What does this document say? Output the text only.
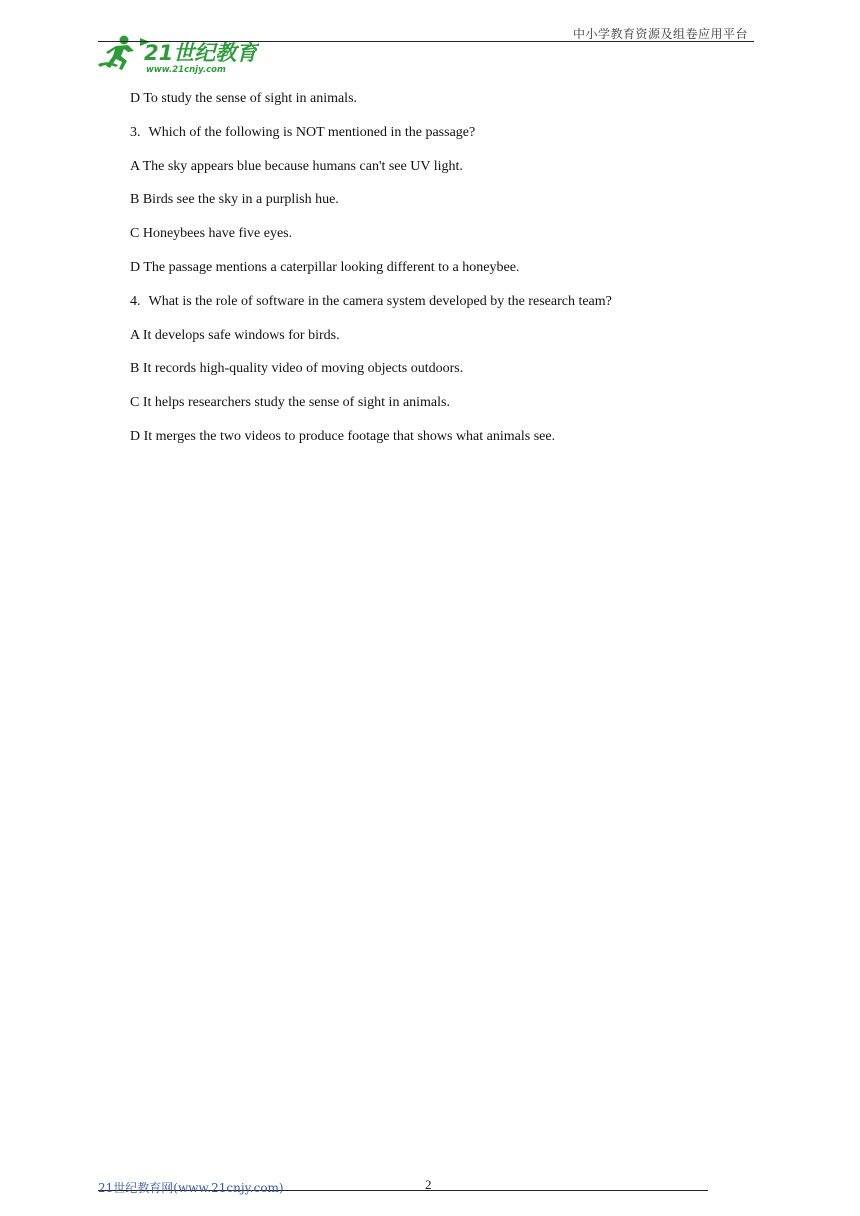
21世纪教育
www.21cnjy.com
中小学教育资源及组卷应用平台
D To study the sense of sight in animals.
3. Which of the following is NOT mentioned in the passage?
A The sky appears blue because humans can't see UV light.
B Birds see the sky in a purplish hue.
C Honeybees have five eyes.
D The passage mentions a caterpillar looking different to a honeybee.
4. What is the role of software in the camera system developed by the research team?
A It develops safe windows for birds.
B It records high-quality video of moving objects outdoors.
C It helps researchers study the sense of sight in animals.
D It merges the two videos to produce footage that shows what animals see.
21世纪教育网(www.21cnjy.com)	2
